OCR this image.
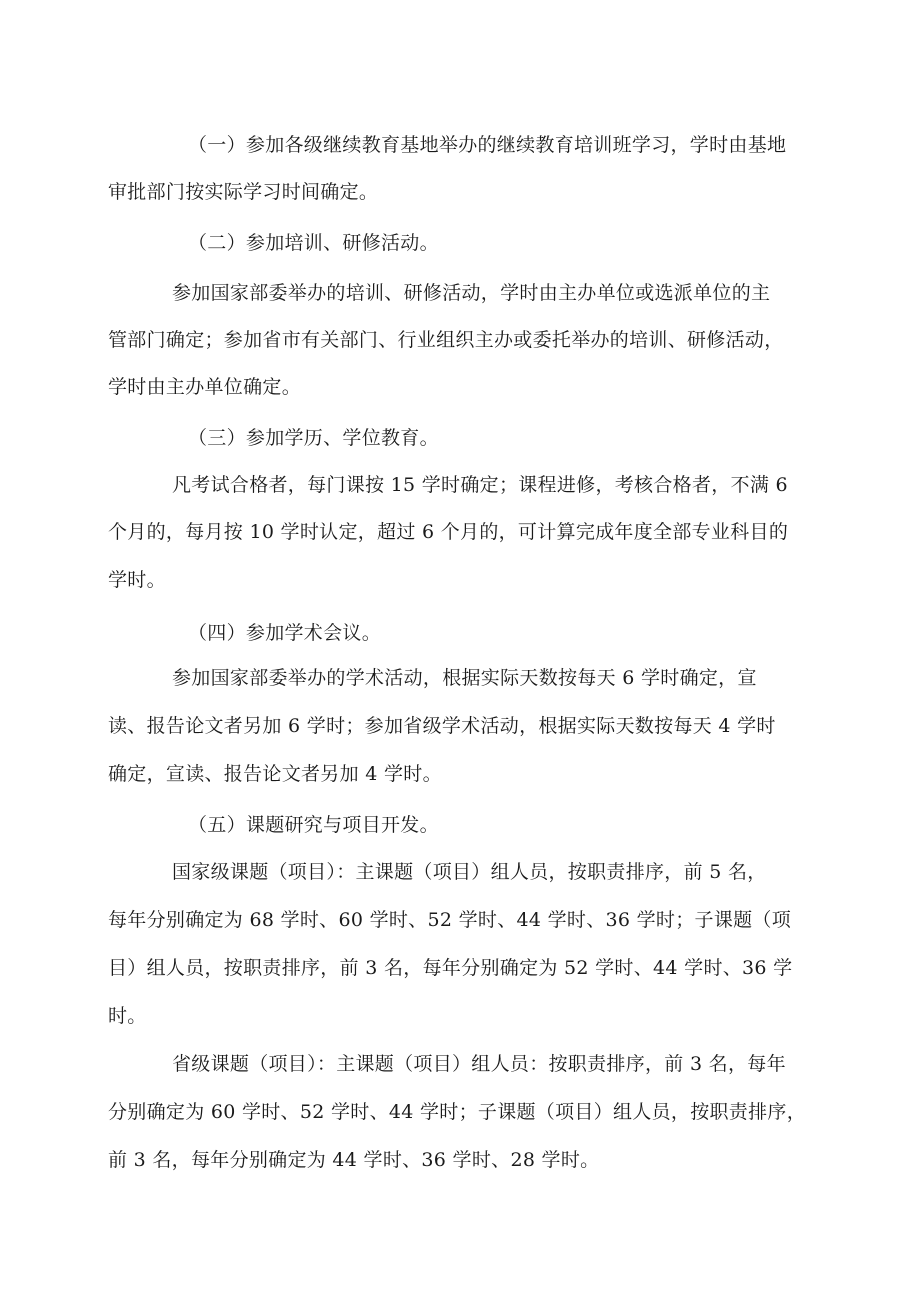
（一）参加各级继续教育基地举办的继续教育培训班学习，学时由基地
审批部门按实际学习时间确定。
（二）参加培训、研修活动。
参加国家部委举办的培训、研修活动，学时由主办单位或选派单位的主
管部门确定；参加省市有关部门、行业组织主办或委托举办的培训、研修活动，
学时由主办单位确定。
（三）参加学历、学位教育。
凡考试合格者，每门课按 15 学时确定；课程进修，考核合格者，不满 6
个月的，每月按 10 学时认定，超过 6 个月的，可计算完成年度全部专业科目的
学时。
（四）参加学术会议。
参加国家部委举办的学术活动，根据实际天数按每天 6 学时确定，宣
读、报告论文者另加 6 学时；参加省级学术活动，根据实际天数按每天 4 学时
确定，宣读、报告论文者另加 4 学时。
（五）课题研究与项目开发。
国家级课题（项目）：主课题（项目）组人员，按职责排序，前 5 名，
每年分别确定为 68 学时、60 学时、52 学时、44 学时、36 学时；子课题（项
目）组人员，按职责排序，前 3 名，每年分别确定为 52 学时、44 学时、36 学
时。
省级课题（项目）：主课题（项目）组人员：按职责排序，前 3 名，每年
分别确定为 60 学时、52 学时、44 学时；子课题（项目）组人员，按职责排序，
前 3 名，每年分别确定为 44 学时、36 学时、28 学时。
